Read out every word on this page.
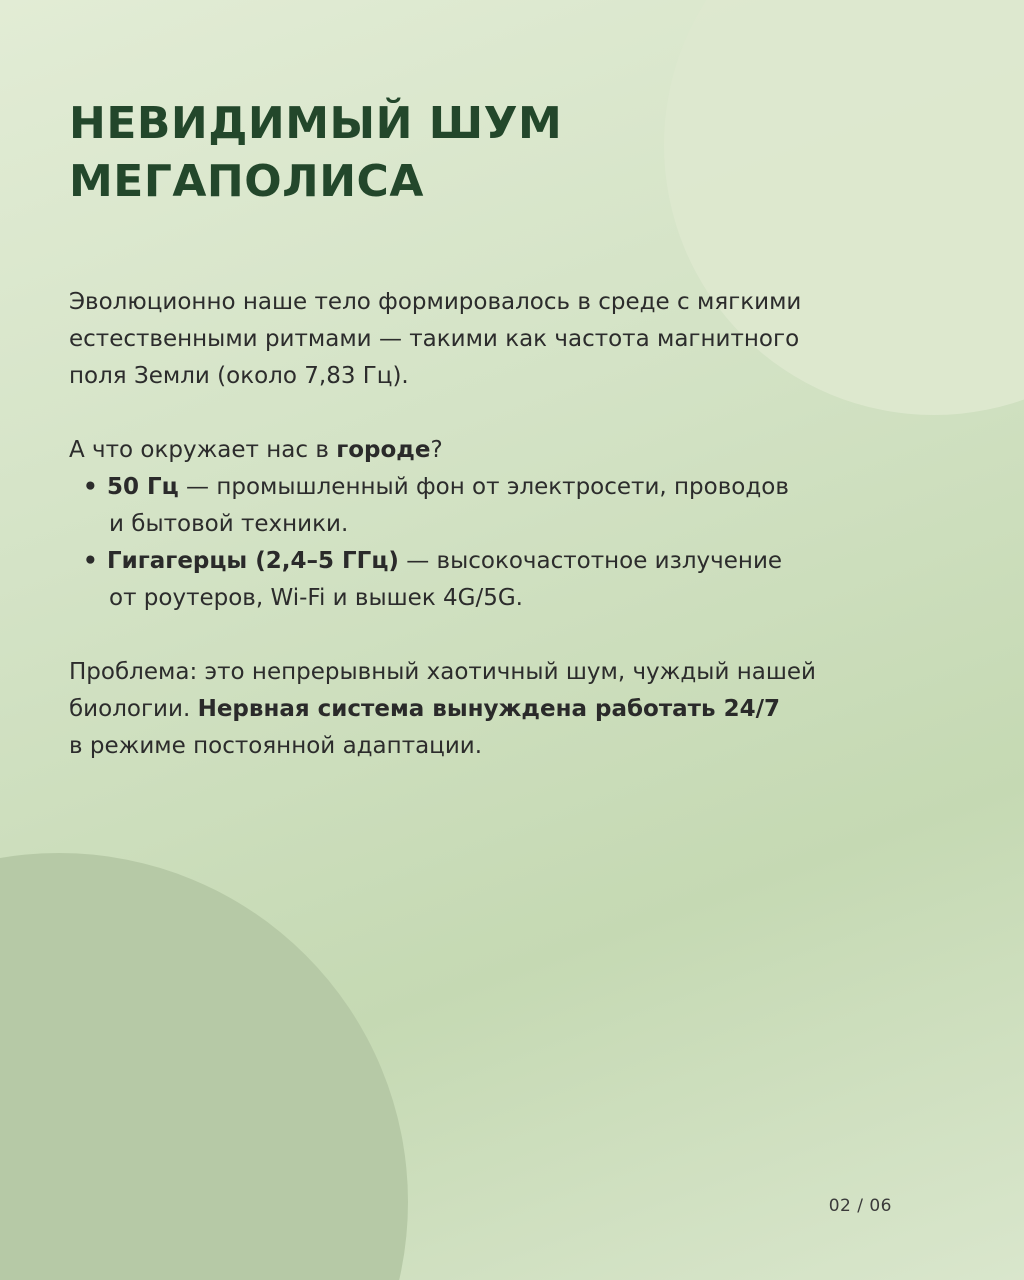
НЕВИДИМЫЙ ШУМ
МЕГАПОЛИСА

Эволюционно наше тело формировалось в среде с мягкими
естественными ритмами — такими как частота магнитного
поля Земли (около 7,83 Гц).

А что окружает нас в городе?

• 50 Гц — промышленный фон от электросети, проводов
и бытовой техники.
• Гигагерцы (2,4–5 ГГц) — высокочастотное излучение
от роутеров, Wi-Fi и вышек 4G/5G.

Проблема: это непрерывный хаотичный шум, чуждый нашей
биологии. Нервная система вынуждена работать 24/7
в режиме постоянной адаптации.

02 / 06
